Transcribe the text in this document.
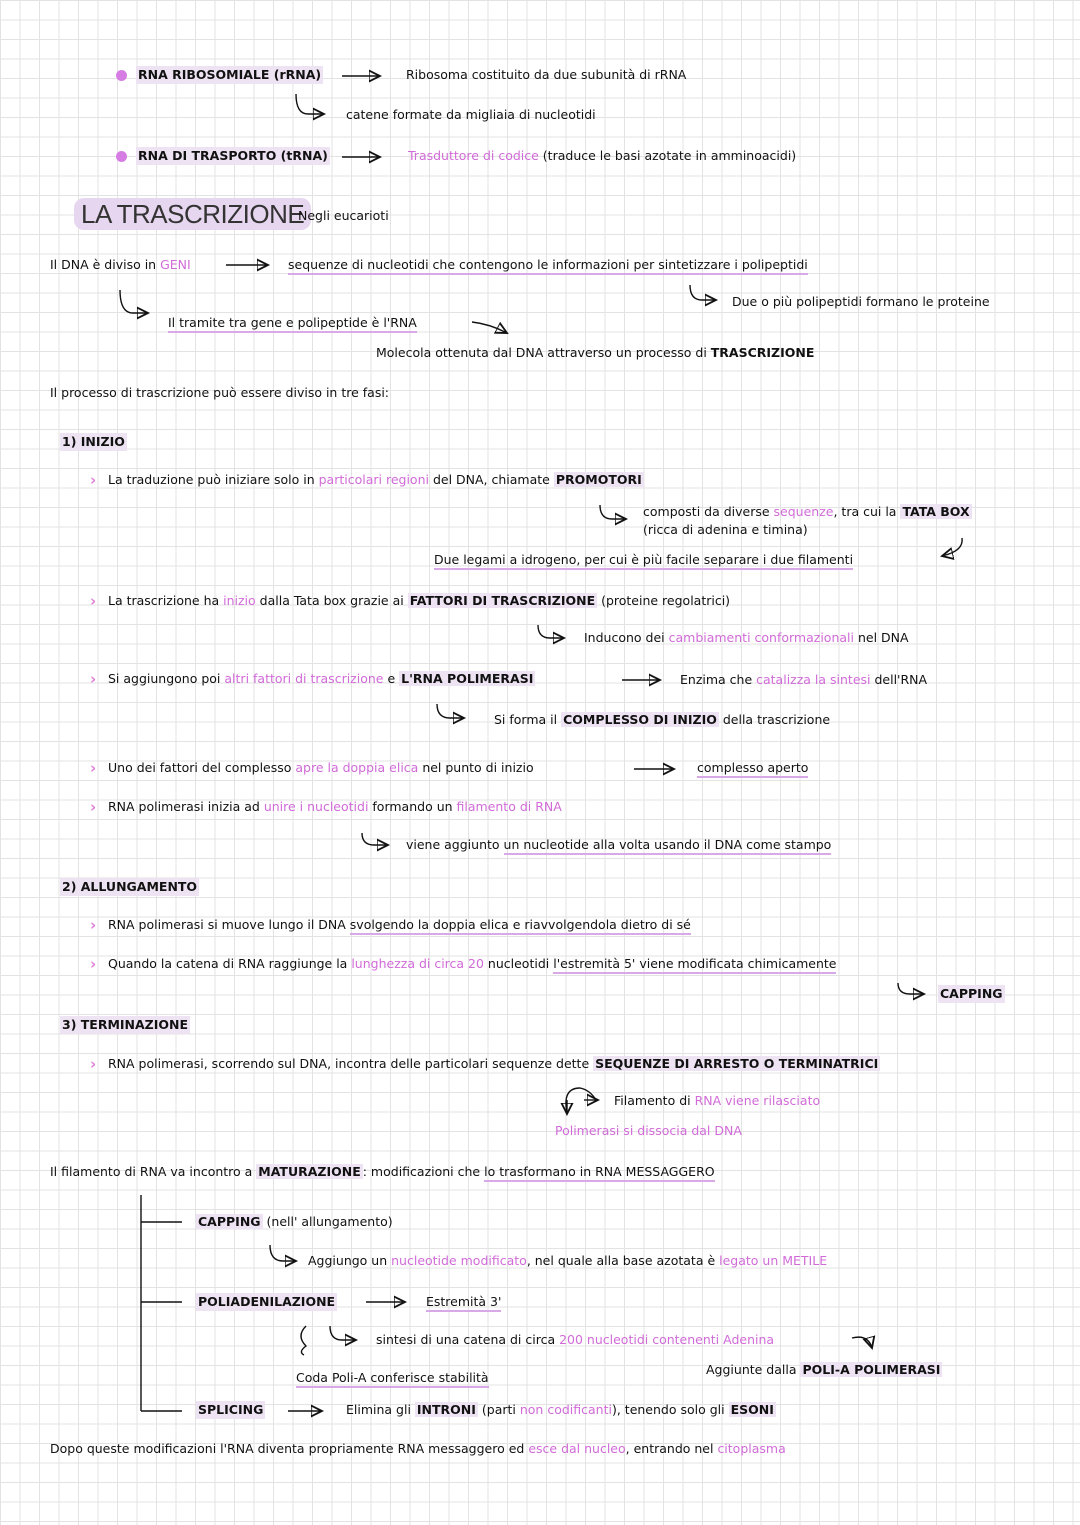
RNA RIBOSOMIALE (rRNA)	Ribosoma costituito da due subunità di rRNA
catene formate da migliaia di nucleotidi
RNA DI TRASPORTO (tRNA)	Trasduttore di codice (traduce le basi azotate in amminoacidi)
LA TRASCRIZIONE
Negli eucarioti
Il DNA è diviso in GENI	sequenze di nucleotidi che contengono le informazioni per sintetizzare i polipeptidi
Due o più polipeptidi formano le proteine
Il tramite tra gene e polipeptide è l'RNA
Molecola ottenuta dal DNA attraverso un processo di TRASCRIZIONE
Il processo di trascrizione può essere diviso in tre fasi:
1) INIZIO
› La traduzione può iniziare solo in particolari regioni del DNA, chiamate PROMOTORI
composti da diverse sequenze, tra cui la TATA BOX
(ricca di adenina e timina)
Due legami a idrogeno, per cui è più facile separare i due filamenti
› La trascrizione ha inizio dalla Tata box grazie ai FATTORI DI TRASCRIZIONE (proteine regolatrici)
Inducono dei cambiamenti conformazionali nel DNA
› Si aggiungono poi altri fattori di trascrizione e L'RNA POLIMERASI	Enzima che catalizza la sintesi dell'RNA
Si forma il COMPLESSO DI INIZIO della trascrizione
› Uno dei fattori del complesso apre la doppia elica nel punto di inizio	complesso aperto
› RNA polimerasi inizia ad unire i nucleotidi formando un filamento di RNA
viene aggiunto un nucleotide alla volta usando il DNA come stampo
2) ALLUNGAMENTO
› RNA polimerasi si muove lungo il DNA svolgendo la doppia elica e riavvolgendola dietro di sé
› Quando la catena di RNA raggiunge la lunghezza di circa 20 nucleotidi l'estremità 5' viene modificata chimicamente
CAPPING
3) TERMINAZIONE
› RNA polimerasi, scorrendo sul DNA, incontra delle particolari sequenze dette SEQUENZE DI ARRESTO O TERMINATRICI
Filamento di RNA viene rilasciato
Polimerasi si dissocia dal DNA
Il filamento di RNA va incontro a MATURAZIONE : modificazioni che lo trasformano in RNA MESSAGGERO
CAPPING (nell' allungamento)
Aggiungo un nucleotide modificato, nel quale alla base azotata è legato un METILE
POLIADENILAZIONE	Estremità 3'
sintesi di una catena di circa 200 nucleotidi contenenti Adenina
Coda Poli-A conferisce stabilità
Aggiunte dalla POLI-A POLIMERASI
SPLICING	Elimina gli INTRONI (parti non codificanti), tenendo solo gli ESONI
Dopo queste modificazioni l'RNA diventa propriamente RNA messaggero ed esce dal nucleo, entrando nel citoplasma
